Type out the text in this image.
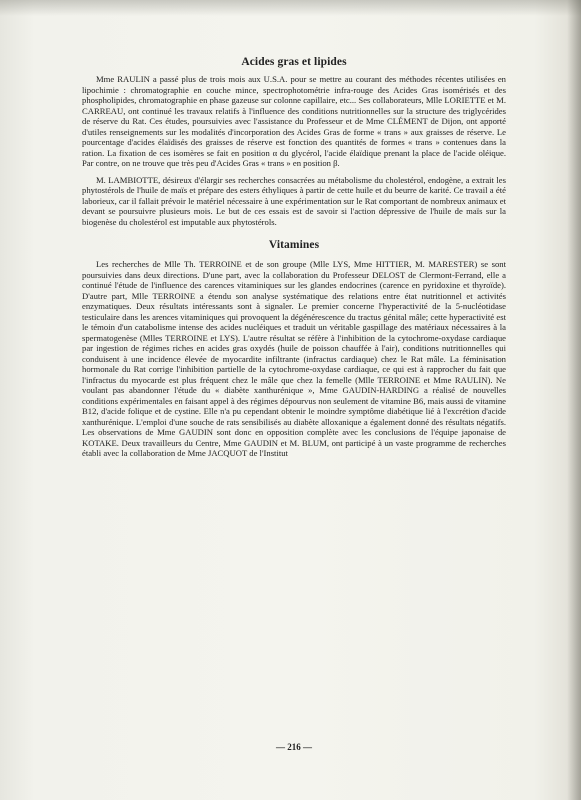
Acides gras et lipides

Mme RAULIN a passé plus de trois mois aux U.S.A. pour se mettre au courant des méthodes récentes utilisées en lipochimie : chromatographie en couche mince, spectrophotométrie infra-rouge des Acides Gras isomérisés et des phospholipides, chromatographie en phase gazeuse sur colonne capillaire, etc... Ses collaborateurs, Mlle LORIETTE et M. CARREAU, ont continué les travaux relatifs à l'influence des conditions nutritionnelles sur la structure des triglycérides de réserve du Rat. Ces études, poursuivies avec l'assistance du Professeur et de Mme CLÉMENT de Dijon, ont apporté d'utiles renseignements sur les modalités d'incorporation des Acides Gras de forme « trans » aux graisses de réserve. Le pourcentage d'acides élaïdisés des graisses de réserve est fonction des quantités de formes « trans » contenues dans la ration. La fixation de ces isomères se fait en position α du glycérol, l'acide élaïdique prenant la place de l'acide oléique. Par contre, on ne trouve que très peu d'Acides Gras « trans » en position β.

M. LAMBIOTTE, désireux d'élargir ses recherches consacrées au métabolisme du cholestérol, endogène, a extrait les phytostérols de l'huile de maïs et prépare des esters éthyliques à partir de cette huile et du beurre de karité. Ce travail a été laborieux, car il fallait prévoir le matériel nécessaire à une expérimentation sur le Rat comportant de nombreux animaux et devant se poursuivre plusieurs mois. Le but de ces essais est de savoir si l'action dépressive de l'huile de maïs sur la biogenèse du cholestérol est imputable aux phytostérols.

Vitamines

Les recherches de Mlle Th. TERROINE et de son groupe (Mlle LYS, Mme HITTIER, M. MARESTER) se sont poursuivies dans deux directions. D'une part, avec la collaboration du Professeur DELOST de Clermont-Ferrand, elle a continué l'étude de l'influence des carences vitaminiques sur les glandes endocrines (carence en pyridoxine et thyroïde). D'autre part, Mlle TERROINE a étendu son analyse systématique des relations entre état nutritionnel et activités enzymatiques. Deux résultats intéressants sont à signaler. Le premier concerne l'hyperactivité de la 5-nucléotidase testiculaire dans les arences vitaminiques qui provoquent la dégénérescence du tractus génital mâle; cette hyperactivité est le témoin d'un catabolisme intense des acides nucléiques et traduit un véritable gaspillage des matériaux nécessaires à la spermatogenèse (Mlles TERROINE et LYS). L'autre résultat se réfère à l'inhibition de la cytochrome-oxydase cardiaque par ingestion de régimes riches en acides gras oxydés (huile de poisson chauffée à l'air), conditions nutritionnelles qui conduisent à une incidence élevée de myocardite infiltrante (infractus cardiaque) chez le Rat mâle. La féminisation hormonale du Rat corrige l'inhibition partielle de la cytochrome-oxydase cardiaque, ce qui est à rapprocher du fait que l'infractus du myocarde est plus fréquent chez le mâle que chez la femelle (Mlle TERROINE et Mme RAULIN). Ne voulant pas abandonner l'étude du « diabète xanthurénique », Mme GAUDIN-HARDING a réalisé de nouvelles conditions expérimentales en faisant appel à des régimes dépourvus non seulement de vitamine B6, mais aussi de vitamine B12, d'acide folique et de cystine. Elle n'a pu cependant obtenir le moindre symptôme diabétique lié à l'excrétion d'acide xanthurénique. L'emploi d'une souche de rats sensibilisés au diabète alloxanique a également donné des résultats négatifs. Les observations de Mme GAUDIN sont donc en opposition complète avec les conclusions de l'équipe japonaise de KOTAKE. Deux travailleurs du Centre, Mme GAUDIN et M. BLUM, ont participé à un vaste programme de recherches établi avec la collaboration de Mme JACQUOT de l'Institut

— 216 —
